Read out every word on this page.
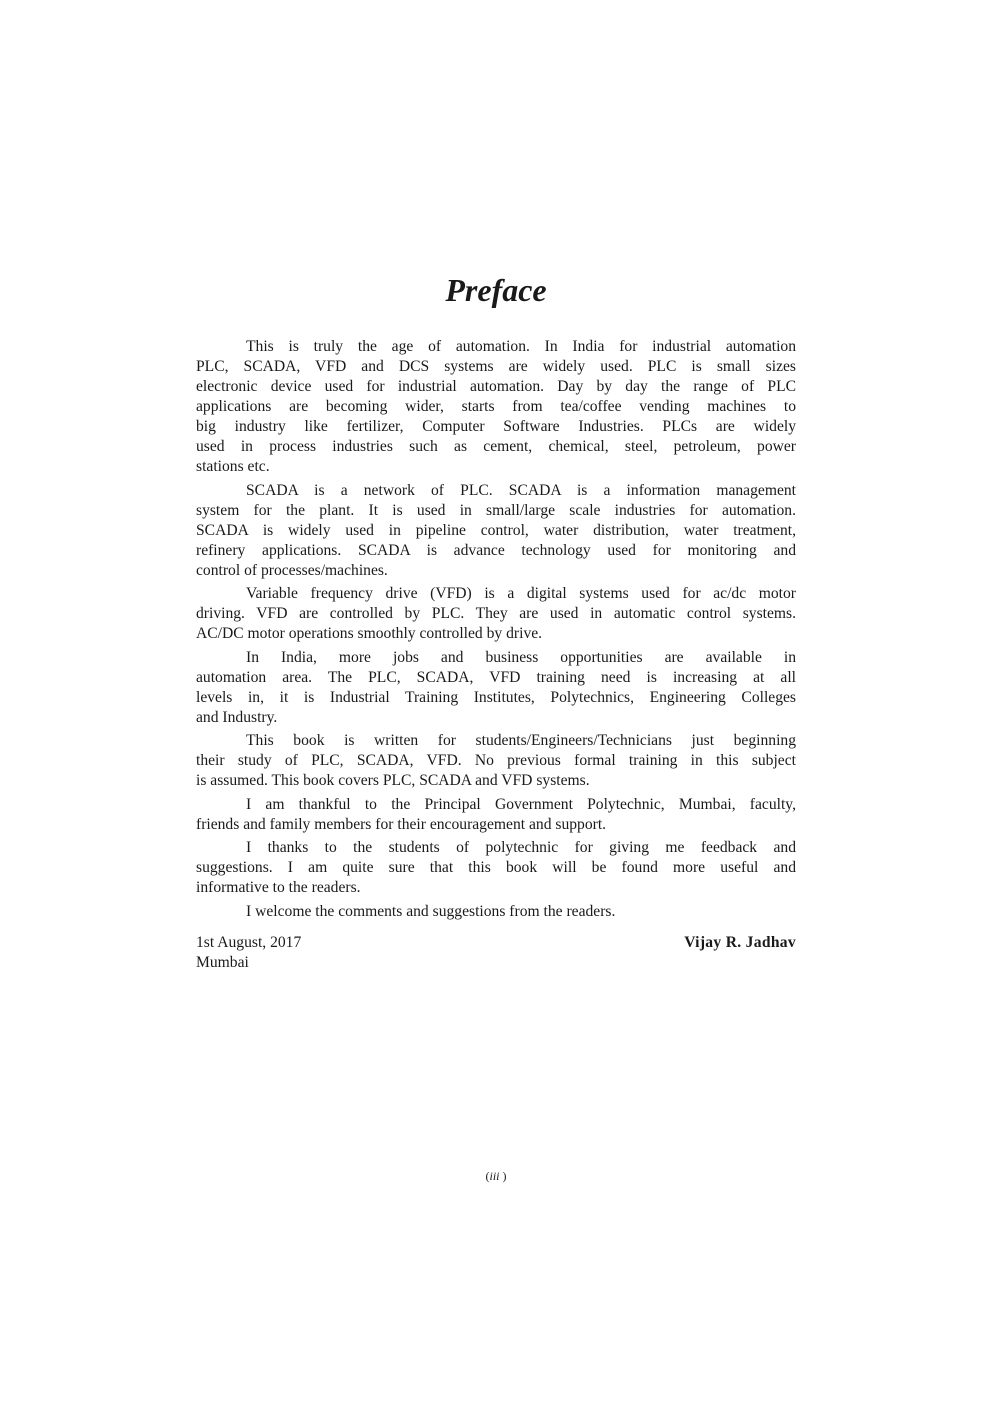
Preface
This is truly the age of automation. In India for industrial automation
PLC, SCADA, VFD and DCS systems are widely used. PLC is small sizes
electronic device used for industrial automation. Day by day the range of PLC
applications are becoming wider, starts from tea/coffee vending machines to
big industry like fertilizer, Computer Software Industries. PLCs are widely
used in process industries such as cement, chemical, steel, petroleum, power
stations etc.
SCADA is a network of PLC. SCADA is a information management
system for the plant. It is used in small/large scale industries for automation.
SCADA is widely used in pipeline control, water distribution, water treatment,
refinery applications. SCADA is advance technology used for monitoring and
control of processes/machines.
Variable frequency drive (VFD) is a digital systems used for ac/dc motor
driving. VFD are controlled by PLC. They are used in automatic control systems.
AC/DC motor operations smoothly controlled by drive.
In India, more jobs and business opportunities are available in
automation area. The PLC, SCADA, VFD training need is increasing at all
levels in, it is Industrial Training Institutes, Polytechnics, Engineering Colleges
and Industry.
This book is written for students/Engineers/Technicians just beginning
their study of PLC, SCADA, VFD. No previous formal training in this subject
is assumed. This book covers PLC, SCADA and VFD systems.
I am thankful to the Principal Government Polytechnic, Mumbai, faculty,
friends and family members for their encouragement and support.
I thanks to the students of polytechnic for giving me feedback and
suggestions. I am quite sure that this book will be found more useful and
informative to the readers.
I welcome the comments and suggestions from the readers.
1st August, 2017
Mumbai
Vijay R. Jadhav
(iii )
